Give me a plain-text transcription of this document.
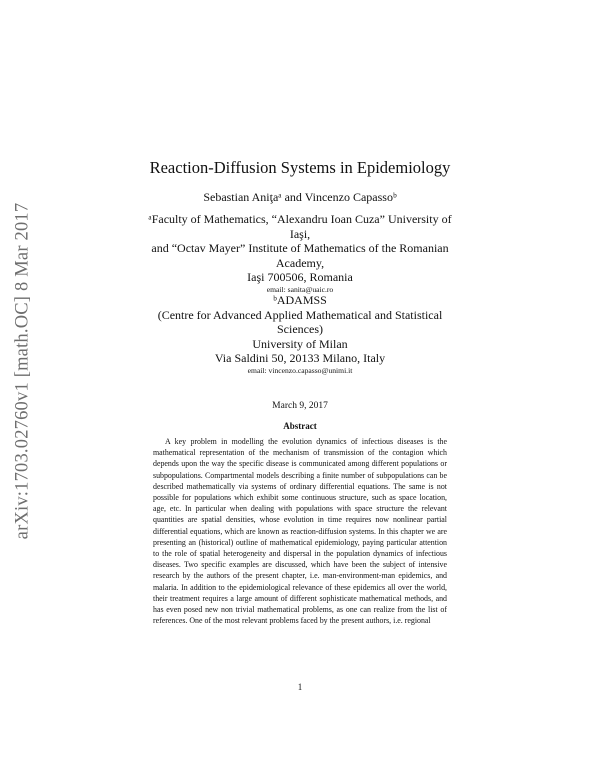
arXiv:1703.02760v1 [math.OC] 8 Mar 2017
Reaction-Diffusion Systems in Epidemiology
Sebastian Aniţaᵃ and Vincenzo Capassoᵇ
ᵃFaculty of Mathematics, “Alexandru Ioan Cuza” University of
Iaşi,
and “Octav Mayer” Institute of Mathematics of the Romanian
Academy,
Iaşi 700506, Romania
email: sanita@uaic.ro
ᵇADAMSS
(Centre for Advanced Applied Mathematical and Statistical
Sciences)
University of Milan
Via Saldini 50, 20133 Milano, Italy
email: vincenzo.capasso@unimi.it
March 9, 2017
Abstract

A key problem in modelling the evolution dynamics of infectious diseases is the mathematical representation of the mechanism of transmission of the contagion which depends upon the way the specific disease is communicated among different populations or subpopulations. Compartmental models describing a finite number of subpopulations can be described mathematically via systems of ordinary differential equations. The same is not possible for populations which exhibit some continuous structure, such as space location, age, etc. In particular when dealing with populations with space structure the relevant quantities are spatial densities, whose evolution in time requires now nonlinear partial differential equations, which are known as reaction-diffusion systems. In this chapter we are presenting an (historical) outline of mathematical epidemiology, paying particular attention to the role of spatial heterogeneity and dispersal in the population dynamics of infectious diseases. Two specific examples are discussed, which have been the subject of intensive research by the authors of the present chapter, i.e. man-environment-man epidemics, and malaria. In addition to the epidemiological relevance of these epidemics all over the world, their treatment requires a large amount of different sophisticate mathematical methods, and has even posed new non trivial mathematical problems, as one can realize from the list of references. One of the most relevant problems faced by the present authors, i.e. regional

1
